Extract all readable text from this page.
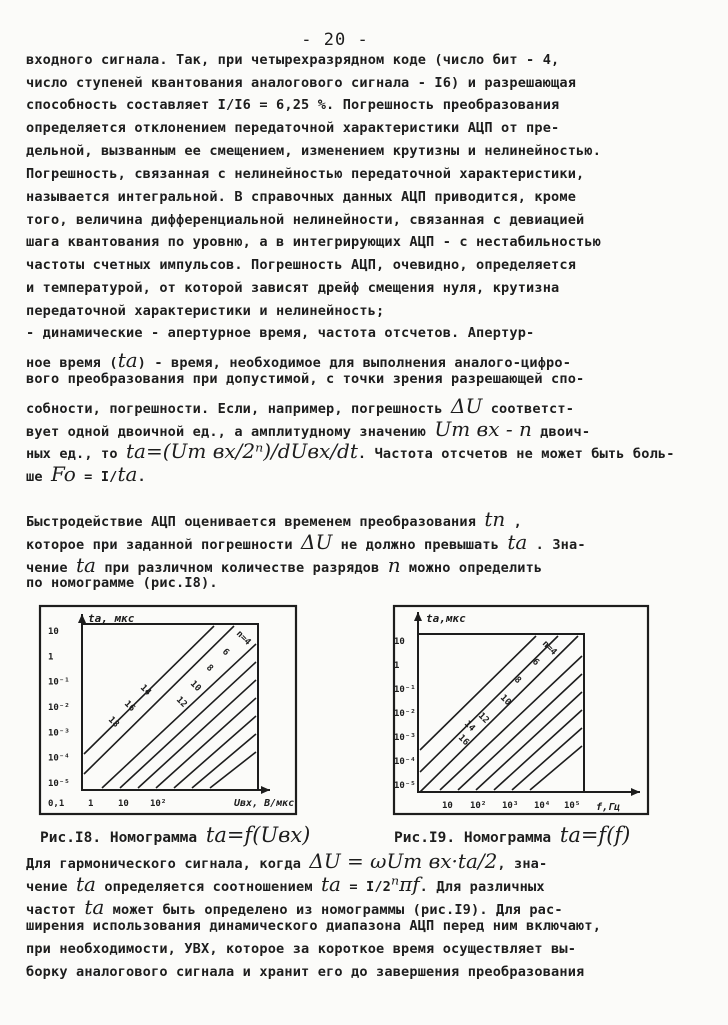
- 20 -
входного сигнала. Так, при четырехразрядном коде (число бит - 4,
число ступеней квантования аналогового сигнала - I6) и разрешающая
способность составляет I/I6 = 6,25 %. Погрешность преобразования
определяется отклонением передаточной характеристики АЦП от пре-
дельной, вызванным ее смещением, изменением крутизны и нелинейностью.
Погрешность, связанная с нелинейностью передаточной характеристики,
называется интегральной. В справочных данных АЦП приводится, кроме
того, величина дифференциальной нелинейности, связанная с девиацией
шага квантования по уровню, а в интегрирующих АЦП - с нестабильностью
частоты счетных импульсов. Погрешность АЦП, очевидно, определяется
и температурой, от которой зависят дрейф смещения нуля, крутизна
передаточной характеристики и нелинейность;
- динамические - апертурное время, частота отсчетов. Апертур-
ное время (ta) - время, необходимое для выполнения аналого-цифро-
вого преобразования при допустимой, с точки зрения разрешающей спо-
собности, погрешности. Если, например, погрешность ΔU соответст-
вует одной двоичной ед., а амплитудному значению Um вх - n двоич-
ных ед., то ta=(Um вх/2ⁿ)/dUвх/dt. Частота отсчетов не может быть боль-
ше Fo = I/ta.
Быстродействие АЦП оценивается временем преобразования tп ,
которое при заданной погрешности ΔU не должно превышать ta . Зна-
чение ta при различном количестве разрядов n можно определить
по номограмме (рис.I8).
Для гармонического сигнала, когда ΔU = ωUm вх·ta/2, зна-
чение ta определяется соотношением ta = I/2ⁿπf. Для различных
частот ta может быть определено из номограммы (рис.I9). Для рас-
ширения использования динамического диапазона АЦП перед ним включают,
при необходимости, УВХ, которое за короткое время осуществляет вы-
борку аналогового сигнала и хранит его до завершения преобразования
10
1
10⁻¹
10⁻²
10⁻³
10⁻⁴
10⁻⁵
0,1	1	10 10²
ta, мкс
Uвх, В/мкс
n=4
6
8
10
12
14
16
18
10
1
10⁻¹
10⁻²
10⁻³
10⁻⁴
10⁻⁵
10 10² 10³ 10⁴ 10⁵
ta,мкс
f,Гц
n=4
6
8
10
12
14
16
Рис.I8. Номограмма ta=f(Uвх)	Рис.I9. Номограмма ta=f(f)
